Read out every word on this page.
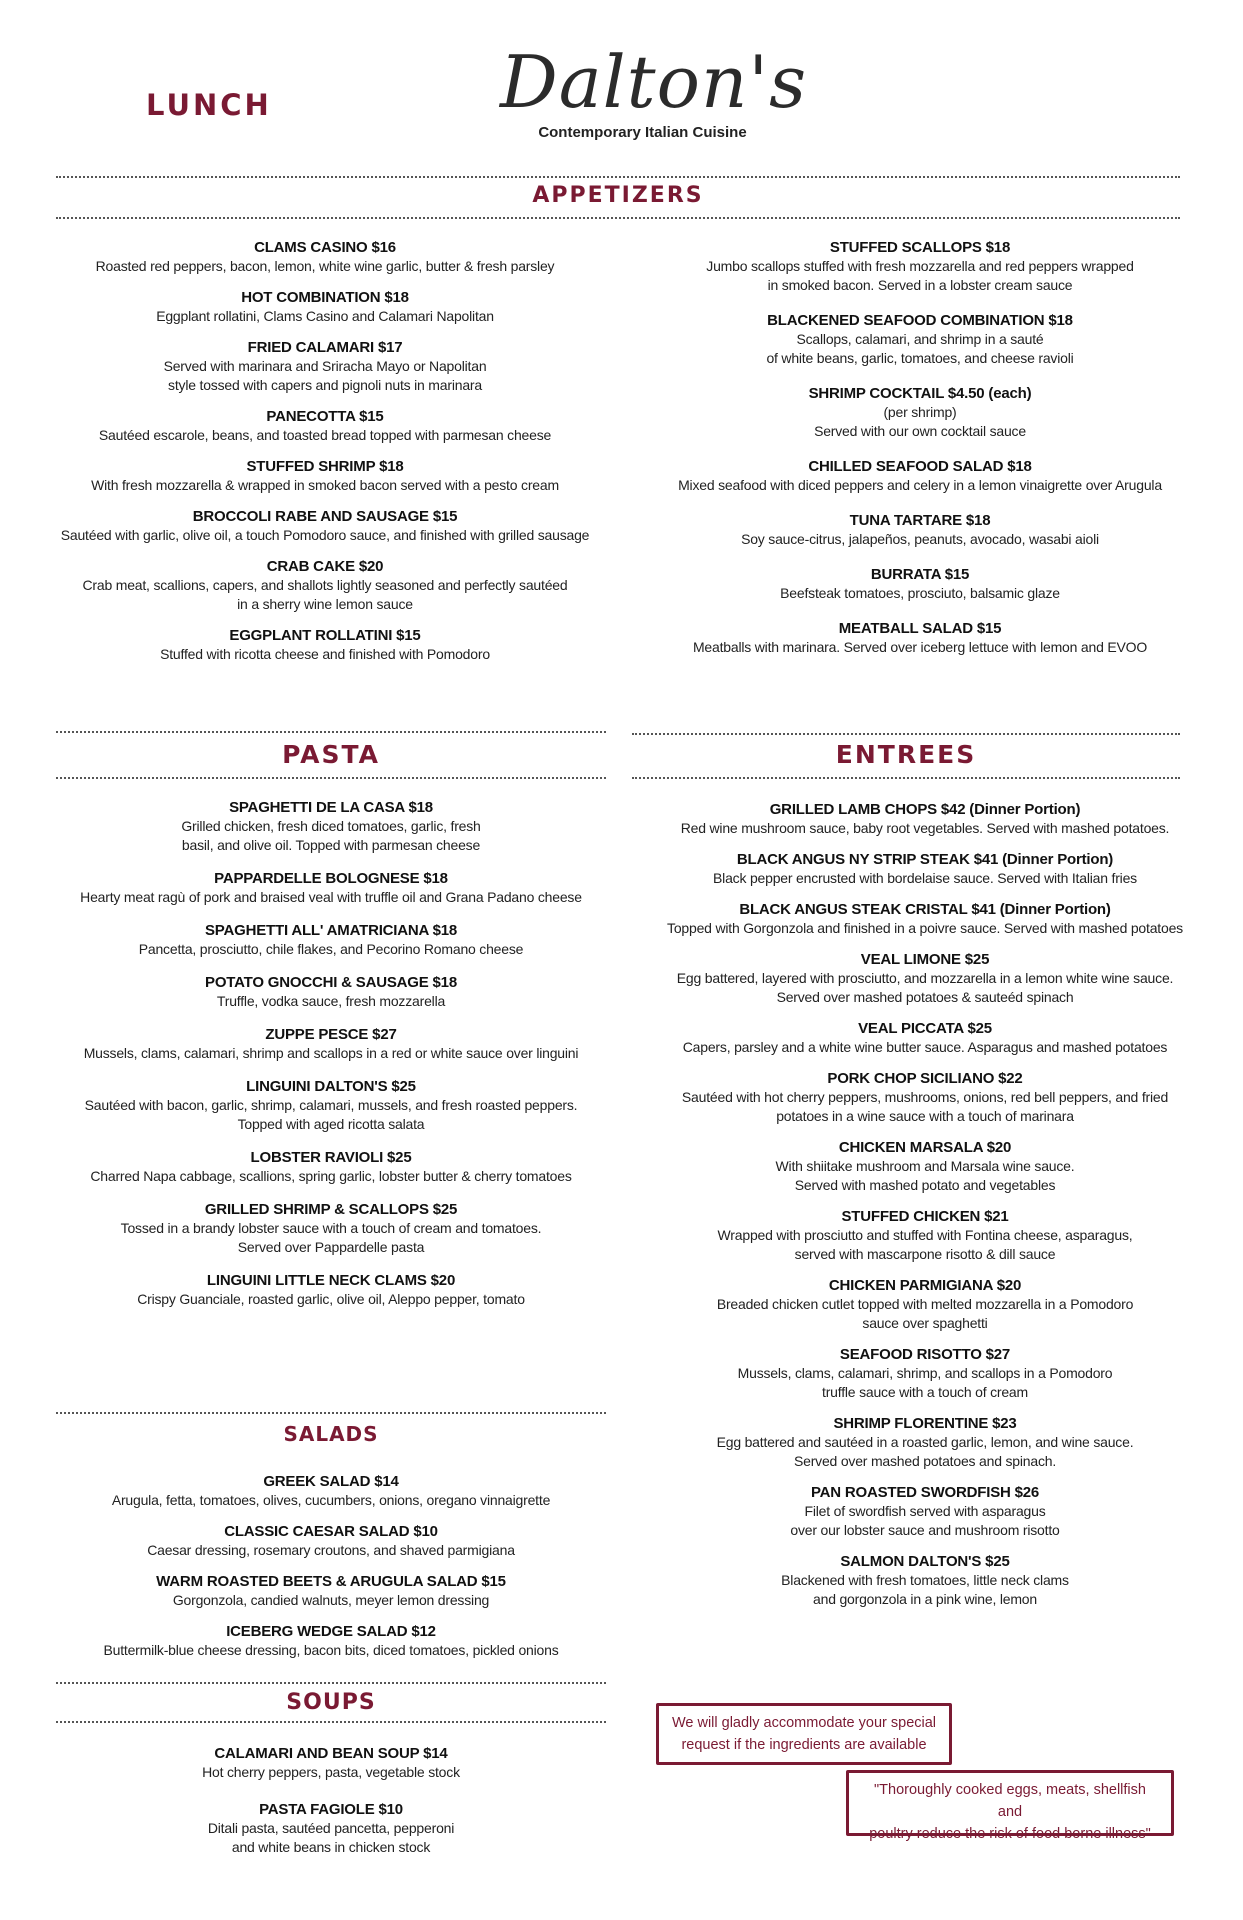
LUNCH	Dalton's
Contemporary Italian Cuisine
APPETIZERS
CLAMS CASINO $16
Roasted red peppers, bacon, lemon, white wine garlic, butter & fresh parsley
HOT COMBINATION $18
Eggplant rollatini, Clams Casino and Calamari Napolitan
FRIED CALAMARI $17
Served with marinara and Sriracha Mayo or Napolitan
style tossed with capers and pignoli nuts in marinara
PANECOTTA $15
Sautéed escarole, beans, and toasted bread topped with parmesan cheese
STUFFED SHRIMP $18
With fresh mozzarella & wrapped in smoked bacon served with a pesto cream
BROCCOLI RABE AND SAUSAGE $15
Sautéed with garlic, olive oil, a touch Pomodoro sauce, and finished with grilled sausage
CRAB CAKE $20
Crab meat, scallions, capers, and shallots lightly seasoned and perfectly sautéed
in a sherry wine lemon sauce
EGGPLANT ROLLATINI $15
Stuffed with ricotta cheese and finished with Pomodoro
STUFFED SCALLOPS $18
Jumbo scallops stuffed with fresh mozzarella and red peppers wrapped
in smoked bacon. Served in a lobster cream sauce
BLACKENED SEAFOOD COMBINATION $18
Scallops, calamari, and shrimp in a sauté
of white beans, garlic, tomatoes, and cheese ravioli
SHRIMP COCKTAIL $4.50 (each)
(per shrimp)
Served with our own cocktail sauce
CHILLED SEAFOOD SALAD $18
Mixed seafood with diced peppers and celery in a lemon vinaigrette over Arugula
TUNA TARTARE $18
Soy sauce-citrus, jalapeños, peanuts, avocado, wasabi aioli
BURRATA $15
Beefsteak tomatoes, prosciuto, balsamic glaze
MEATBALL SALAD $15
Meatballs with marinara. Served over iceberg lettuce with lemon and EVOO
PASTA	ENTREES
SPAGHETTI DE LA CASA $18
Grilled chicken, fresh diced tomatoes, garlic, fresh
basil, and olive oil. Topped with parmesan cheese
PAPPARDELLE BOLOGNESE $18
Hearty meat ragù of pork and braised veal with truffle oil and Grana Padano cheese
SPAGHETTI ALL' AMATRICIANA $18
Pancetta, prosciutto, chile flakes, and Pecorino Romano cheese
POTATO GNOCCHI & SAUSAGE $18
Truffle, vodka sauce, fresh mozzarella
ZUPPE PESCE $27
Mussels, clams, calamari, shrimp and scallops in a red or white sauce over linguini
LINGUINI DALTON'S $25
Sautéed with bacon, garlic, shrimp, calamari, mussels, and fresh roasted peppers.
Topped with aged ricotta salata
LOBSTER RAVIOLI $25
Charred Napa cabbage, scallions, spring garlic, lobster butter & cherry tomatoes
GRILLED SHRIMP & SCALLOPS $25
Tossed in a brandy lobster sauce with a touch of cream and tomatoes.
Served over Pappardelle pasta
LINGUINI LITTLE NECK CLAMS $20
Crispy Guanciale, roasted garlic, olive oil, Aleppo pepper, tomato
SALADS
GREEK SALAD $14
Arugula, fetta, tomatoes, olives, cucumbers, onions, oregano vinnaigrette
CLASSIC CAESAR SALAD $10
Caesar dressing, rosemary croutons, and shaved parmigiana
WARM ROASTED BEETS & ARUGULA SALAD $15
Gorgonzola, candied walnuts, meyer lemon dressing
ICEBERG WEDGE SALAD $12
Buttermilk-blue cheese dressing, bacon bits, diced tomatoes, pickled onions
SOUPS
CALAMARI AND BEAN SOUP $14
Hot cherry peppers, pasta, vegetable stock
PASTA FAGIOLE $10
Ditali pasta, sautéed pancetta, pepperoni
and white beans in chicken stock
GRILLED LAMB CHOPS $42 (Dinner Portion)
Red wine mushroom sauce, baby root vegetables. Served with mashed potatoes.
BLACK ANGUS NY STRIP STEAK $41 (Dinner Portion)
Black pepper encrusted with bordelaise sauce. Served with Italian fries
BLACK ANGUS STEAK CRISTAL $41 (Dinner Portion)
Topped with Gorgonzola and finished in a poivre sauce. Served with mashed potatoes
VEAL LIMONE $25
Egg battered, layered with prosciutto, and mozzarella in a lemon white wine sauce.
Served over mashed potatoes & sauteéd spinach
VEAL PICCATA $25
Capers, parsley and a white wine butter sauce. Asparagus and mashed potatoes
PORK CHOP SICILIANO $22
Sautéed with hot cherry peppers, mushrooms, onions, red bell peppers, and fried
potatoes in a wine sauce with a touch of marinara
CHICKEN MARSALA $20
With shiitake mushroom and Marsala wine sauce.
Served with mashed potato and vegetables
STUFFED CHICKEN $21
Wrapped with prosciutto and stuffed with Fontina cheese, asparagus,
served with mascarpone risotto & dill sauce
CHICKEN PARMIGIANA $20
Breaded chicken cutlet topped with melted mozzarella in a Pomodoro
sauce over spaghetti
SEAFOOD RISOTTO $27
Mussels, clams, calamari, shrimp, and scallops in a Pomodoro
truffle sauce with a touch of cream
SHRIMP FLORENTINE $23
Egg battered and sautéed in a roasted garlic, lemon, and wine sauce.
Served over mashed potatoes and spinach.
PAN ROASTED SWORDFISH $26
Filet of swordfish served with asparagus
over our lobster sauce and mushroom risotto
SALMON DALTON'S $25
Blackened with fresh tomatoes, little neck clams
and gorgonzola in a pink wine, lemon
We will gladly accommodate your special
request if the ingredients are available
"Thoroughly cooked eggs, meats, shellfish and
poultry reduce the risk of food borne illness"
